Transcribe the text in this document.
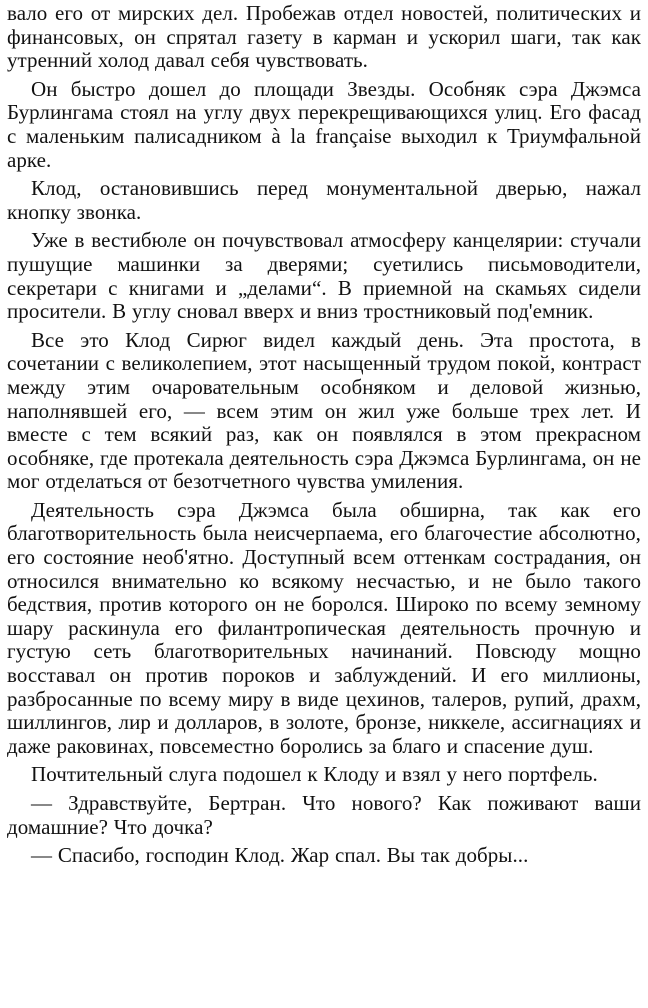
вало его от мирских дел. Пробежав отдел новостей, политических и финансовых, он спрятал газету в карман и ускорил шаги, так как утренний холод давал себя чувствовать.

Он быстро дошел до площади Звезды. Особняк сэра Джэмса Бурлингама стоял на углу двух перекрещивающихся улиц. Его фасад с маленьким палисадником à la française выходил к Триумфальной арке.

Клод, остановившись перед монументальной дверью, нажал кнопку звонка.

Уже в вестибюле он почувствовал атмосферу канцелярии: стучали пушущие машинки за дверями; суетились письмоводители, секретари с книгами и „делами“. В приемной на скамьях сидели просители. В углу сновал вверх и вниз тростниковый под'емник.

Все это Клод Сирюг видел каждый день. Эта простота, в сочетании с великолепием, этот насыщенный трудом покой, контраст между этим очаровательным особняком и деловой жизнью, наполнявшей его, — всем этим он жил уже больше трех лет. И вместе с тем всякий раз, как он появлялся в этом прекрасном особняке, где протекала деятельность сэра Джэмса Бурлингама, он не мог отделаться от безотчетного чувства умиления.

Деятельность сэра Джэмса была обширна, так как его благотворительность была неисчерпаема, его благочестие абсолютно, его состояние необ'ятно. Доступный всем оттенкам сострадания, он относился внимательно ко всякому несчастью, и не было такого бедствия, против которого он не боролся. Широко по всему земному шару раскинула его филантропическая деятельность прочную и густую сеть благотворительных начинаний. Повсюду мощно восставал он против пороков и заблуждений. И его миллионы, разбросанные по всему миру в виде цехинов, талеров, рупий, драхм, шиллингов, лир и долларов, в золоте, бронзе, никкеле, ассигнациях и даже раковинах, повсеместно боролись за благо и спасение душ.

Почтительный слуга подошел к Клоду и взял у него портфель.

— Здравствуйте, Бертран. Что нового? Как поживают ваши домашние? Что дочка?

— Спасибо, господин Клод. Жар спал. Вы так добры...
